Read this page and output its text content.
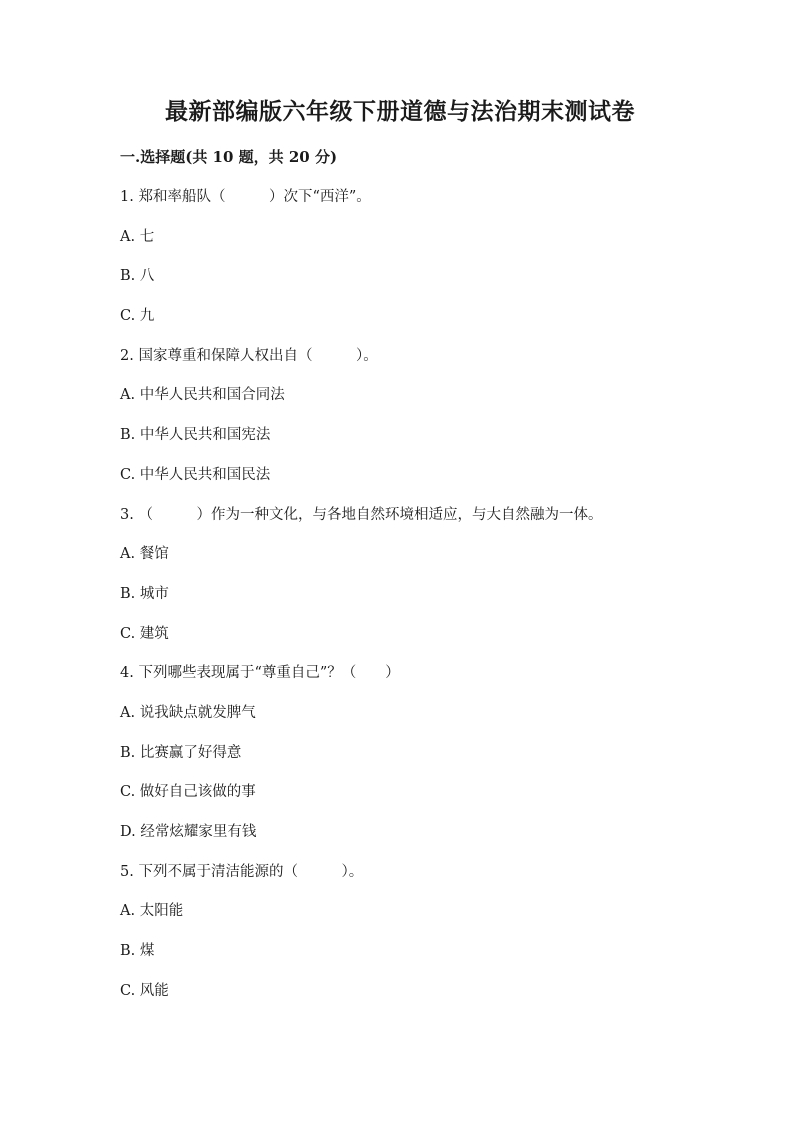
最新部编版六年级下册道德与法治期末测试卷
一.选择题(共 10 题，共 20 分)
1. 郑和率船队（　　　）次下“西洋”。
A. 七
B. 八
C. 九
2. 国家尊重和保障人权出自（　　　）。
A. 中华人民共和国合同法
B. 中华人民共和国宪法
C. 中华人民共和国民法
3. （　　　）作为一种文化，与各地自然环境相适应，与大自然融为一体。
A. 餐馆
B. 城市
C. 建筑
4. 下列哪些表现属于“尊重自己”？（　　）
A. 说我缺点就发脾气
B. 比赛赢了好得意
C. 做好自己该做的事
D. 经常炫耀家里有钱
5. 下列不属于清洁能源的（　　　）。
A. 太阳能
B. 煤
C. 风能
